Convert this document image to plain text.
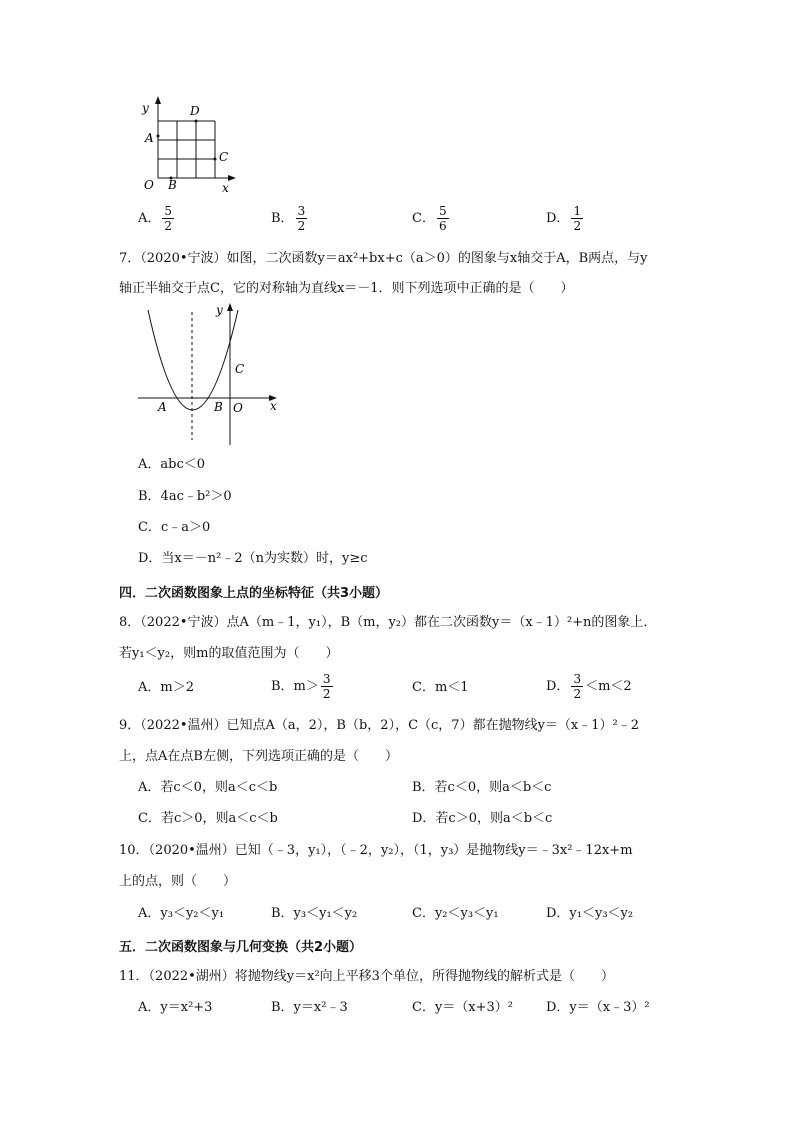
y	D
A
C
O B	x
A． $\frac{5}{2}$	B． $\frac{3}{2}$	C． $\frac{5}{6}$	D． $\frac{1}{2}$
7．（2020•宁波）如图，二次函数y＝ax²+bx+c（a＞0）的图象与x轴交于A，B两点，与y
轴正半轴交于点C，它的对称轴为直线x＝－1．则下列选项中正确的是（　　）
y
C
A	B O x
A．abc＜0
B．4ac﹣b²＞0
C．c﹣a＞0
D．当x＝－n²﹣2（n为实数）时，y≥c
四．二次函数图象上点的坐标特征（共3小题）
8．（2022•宁波）点A（m﹣1，y₁），B（m，y₂）都在二次函数y＝（x﹣1）²+n的图象上．
若y₁＜y₂，则m的取值范围为（　　）
A．m＞2	B．$m> \frac{3}{2}$	C．m＜1	D． $\frac{3}{2} <m<2$
9．（2022•温州）已知点A（a，2），B（b，2），C（c，7）都在抛物线y＝（x﹣1）²﹣2
上，点A在点B左侧，下列选项正确的是（　　）
A．若c＜0，则a＜c＜b	B．若c＜0，则a＜b＜c
C．若c＞0，则a＜c＜b	D．若c＞0，则a＜b＜c
10．（2020•温州）已知（﹣3，y₁），（﹣2，y₂），（1，y₃）是抛物线y＝﹣3x²﹣12x+m
上的点，则（　　）
A．y₃＜y₂＜y₁	B．y₃＜y₁＜y₂	C．y₂＜y₃＜y₁	D．y₁＜y₃＜y₂
五．二次函数图象与几何变换（共2小题）
11．（2022•湖州）将抛物线y＝x²向上平移3个单位，所得抛物线的解析式是（　　）
A．y＝x²+3	B．y＝x²﹣3	C．y＝（x+3）²	D．y＝（x﹣3）²
